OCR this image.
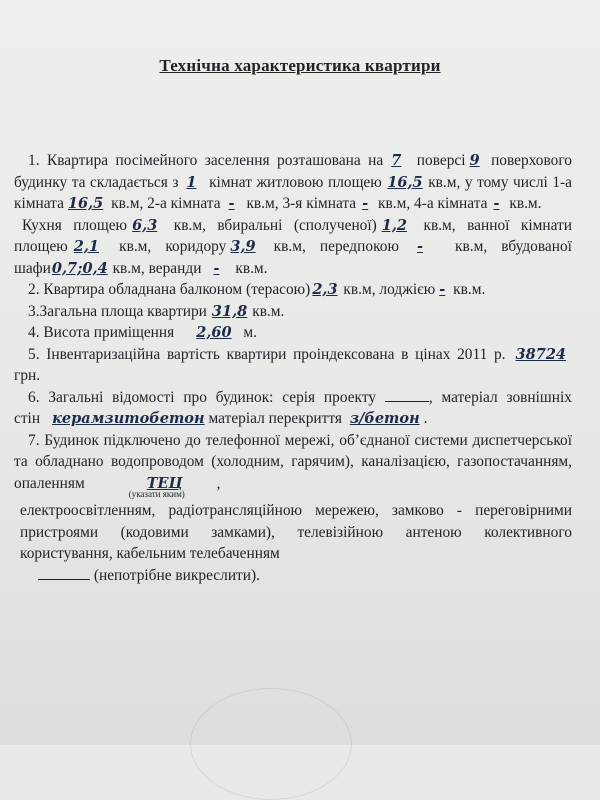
Технічна характеристика квартири

1. Квартира посімейного заселення розташована на 7 поверсі 9 поверхового будинку та складається з 1 кімнат житловою площею 16,5 кв.м, у тому числі 1-а кімната 16,5 кв.м, 2-а кімната - кв.м, 3-я кімната - кв.м, 4-а кімната - кв.м.

Кухня площею 6,3 кв.м, вбиральні (сполученої) 1,2 кв.м, ванної кімнати площею 2,1 кв.м, коридору 3,9 кв.м, передпокою - кв.м, вбудованої шафи0,7;0,4 кв.м, веранди - кв.м.

2. Квартира обладнана балконом (терасою) 2,3 кв.м, лоджією - кв.м.

3.Загальна площа квартири 31,8 кв.м.

4. Висота приміщення 2,60 м.

5. Інвентаризаційна вартість квартири проіндексована в цінах 2011 р. 38724 грн.

6. Загальні відомості про будинок: серія проекту	, матеріал зовнішніх стін керамзитобетон матеріал перекриття з/бетон .

7. Будинок підключено до телефонної мережі, об’єднаної системи диспетчерської та обладнано водопроводом (холодним, гарячим), каналізацією, газопостачанням, опаленням	ТЕЦ
(указати яким)
,

електроосвітленням, радіотрансляційною мережею, замково - переговірними пристроями (кодовими замками), телевізійною антеною колективного користування, кабельним телебаченням
(непотрібне викреслити).
